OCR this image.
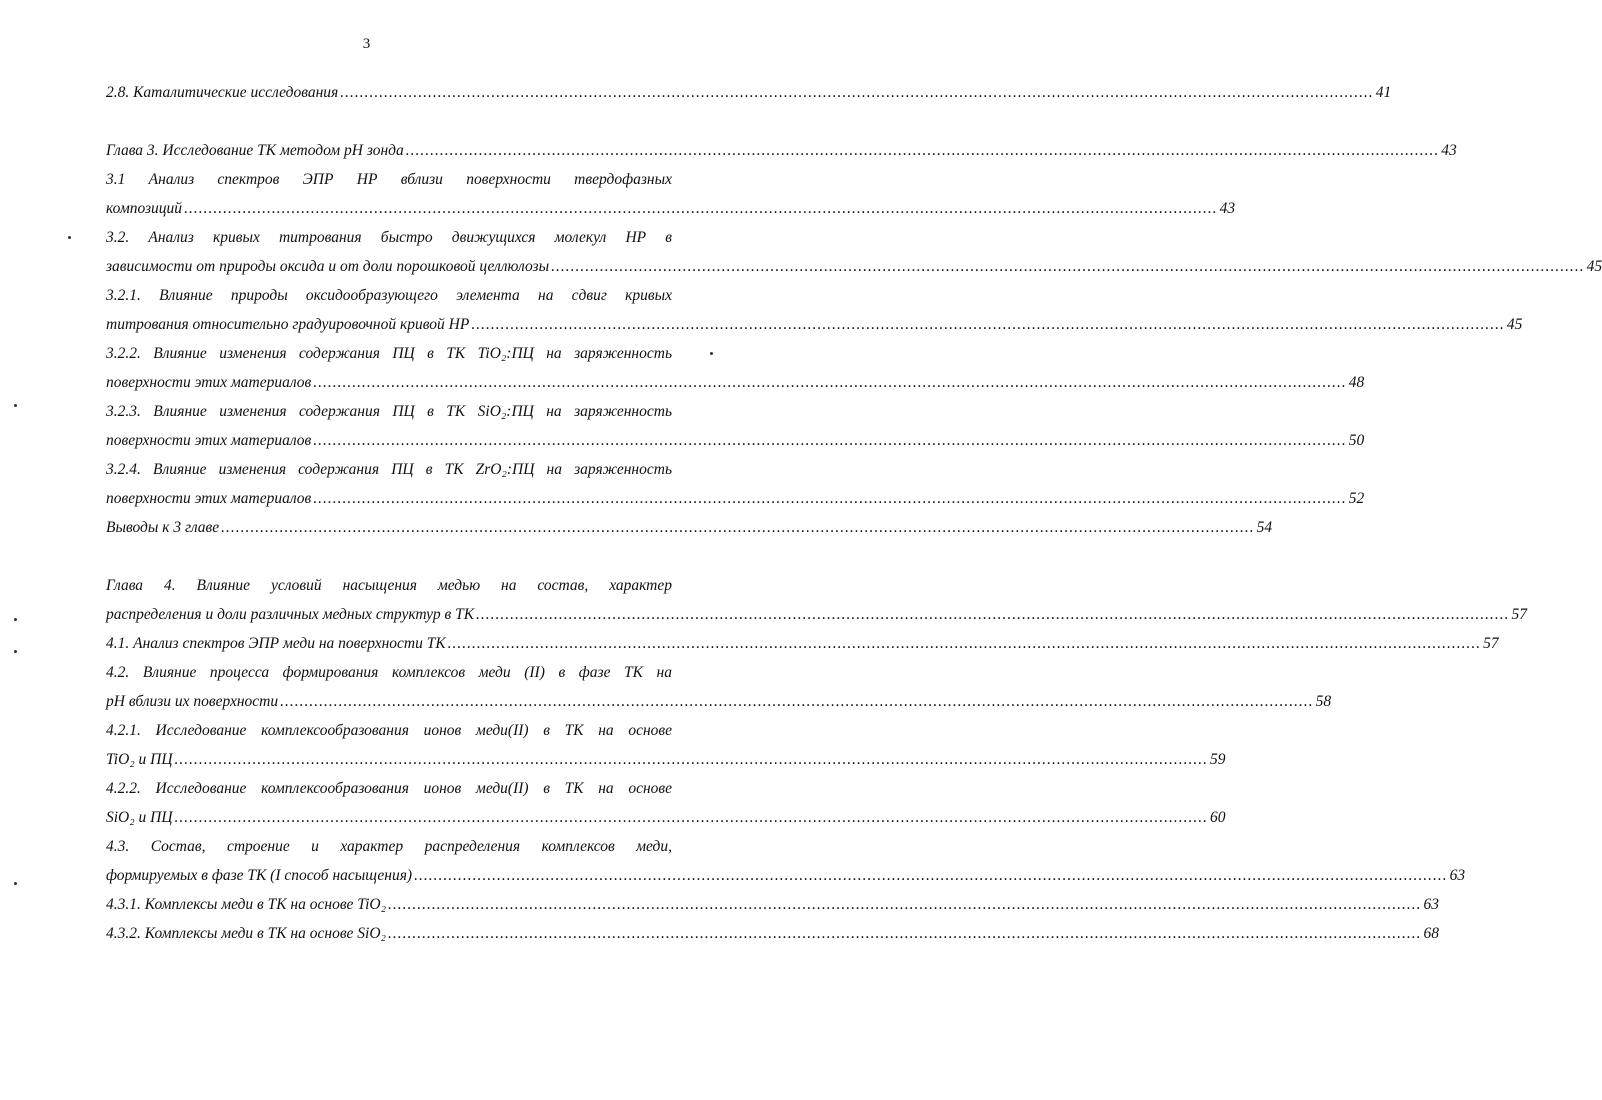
3
2.8. Каталитические исследования .....	41
Глава 3. Исследование ТК методом pH зонда .....	43
3.1 Анализ спектров ЭПР НР вблизи поверхности твердофазных
композиций .....	43
3.2. Анализ кривых титрования быстро движущихся молекул НР в
зависимости от природы оксида и от доли порошковой целлюлозы .....	45
3.2.1. Влияние природы оксидообразующего элемента на сдвиг кривых
титрования относительно градуировочной кривой НР .....	45
3.2.2. Влияние изменения содержания ПЦ в ТК TiO₂:ПЦ на заряженность
поверхности этих материалов .....	48
3.2.3. Влияние изменения содержания ПЦ в ТК SiO₂:ПЦ на заряженность
поверхности этих материалов .....	50
3.2.4. Влияние изменения содержания ПЦ в ТК ZrO₂:ПЦ на заряженность
поверхности этих материалов .....	52
Выводы к 3 главе .....	54
Глава 4. Влияние условий насыщения медью на состав, характер
распределения и доли различных медных структур в ТК .....	57
4.1. Анализ спектров ЭПР меди на поверхности ТК .....	57
4.2. Влияние процесса формирования комплексов меди (II) в фазе ТК на
pH вблизи их поверхности .....	58
4.2.1. Исследование комплексообразования ионов меди(II) в ТК на основе
TiO₂ и ПЦ .....	59
4.2.2. Исследование комплексообразования ионов меди(II) в ТК на основе
SiO₂ и ПЦ .....	60
4.3. Состав, строение и характер распределения комплексов меди,
формируемых в фазе ТК (I способ насыщения) .....	63
4.3.1. Комплексы меди в ТК на основе TiO₂ .....	63
4.3.2. Комплексы меди в ТК на основе SiO₂ .....	68
